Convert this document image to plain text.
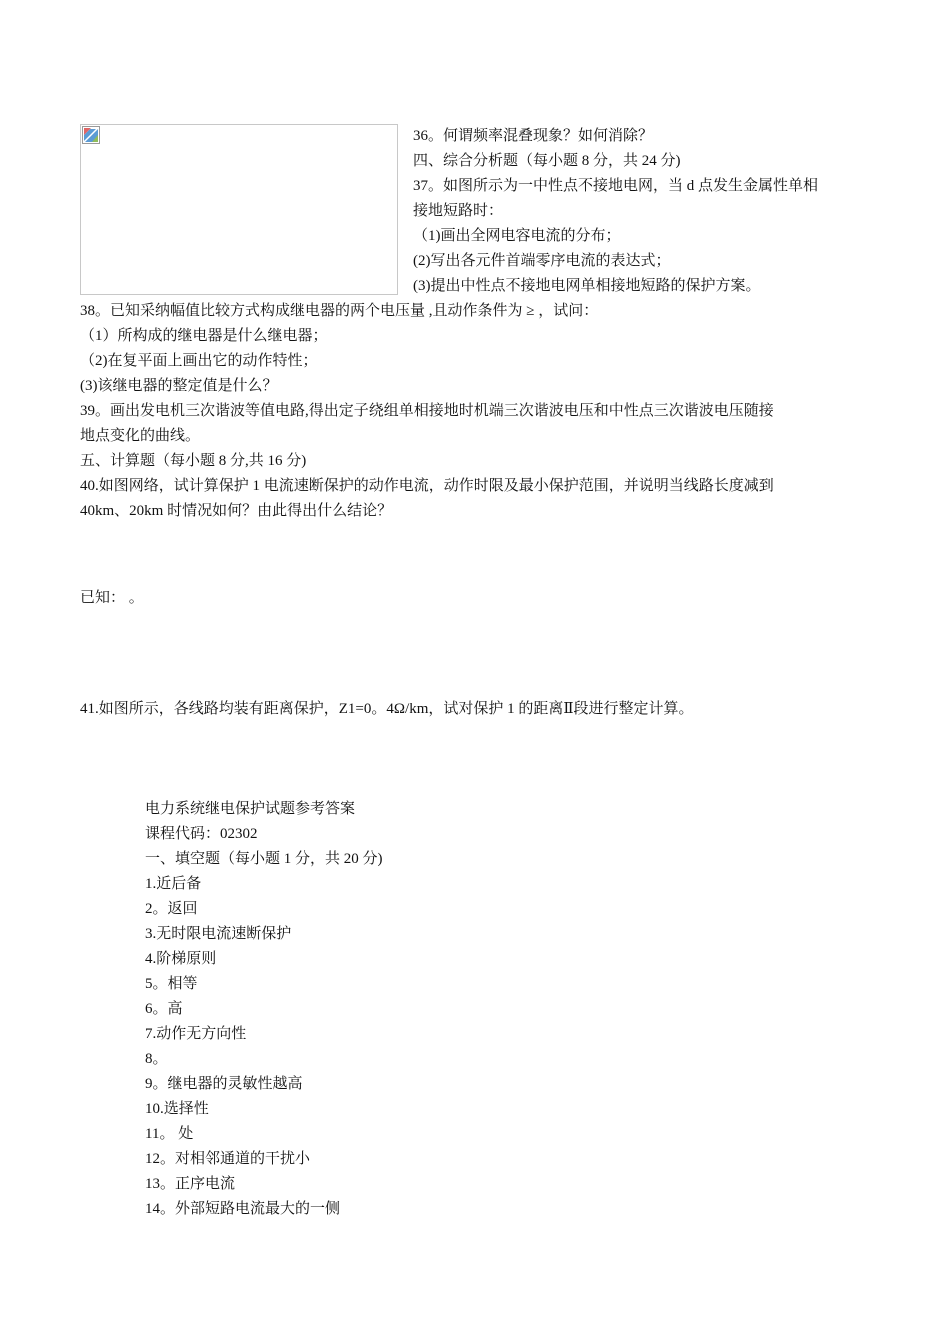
36。何谓频率混叠现象？如何消除？
四、综合分析题（每小题 8 分，共 24 分)
37。如图所示为一中性点不接地电网，当 d 点发生金属性单相
接地短路时：
（1)画出全网电容电流的分布；
(2)写出各元件首端零序电流的表达式；
(3)提出中性点不接地电网单相接地短路的保护方案。
38。已知采纳幅值比较方式构成继电器的两个电压量 ,且动作条件为 ≥ ，试问：
（1）所构成的继电器是什么继电器；
（2)在复平面上画出它的动作特性；
(3)该继电器的整定值是什么？
39。画出发电机三次谐波等值电路,得出定子绕组单相接地时机端三次谐波电压和中性点三次谐波电压随接
地点变化的曲线。
五、计算题（每小题 8 分,共 16 分)
40.如图网络，试计算保护 1 电流速断保护的动作电流，动作时限及最小保护范围，并说明当线路长度减到
40km、20km 时情况如何？由此得出什么结论？
已知： 。
41.如图所示，各线路均装有距离保护，Z1=0。4Ω/km，试对保护 1 的距离Ⅱ段进行整定计算。
电力系统继电保护试题参考答案
课程代码：02302
一、填空题（每小题 1 分，共 20 分)
1.近后备
2。返回
3.无时限电流速断保护
4.阶梯原则
5。相等
6。高
7.动作无方向性
8。
9。继电器的灵敏性越高
10.选择性
11。 处
12。对相邻通道的干扰小
13。正序电流
14。外部短路电流最大的一侧
